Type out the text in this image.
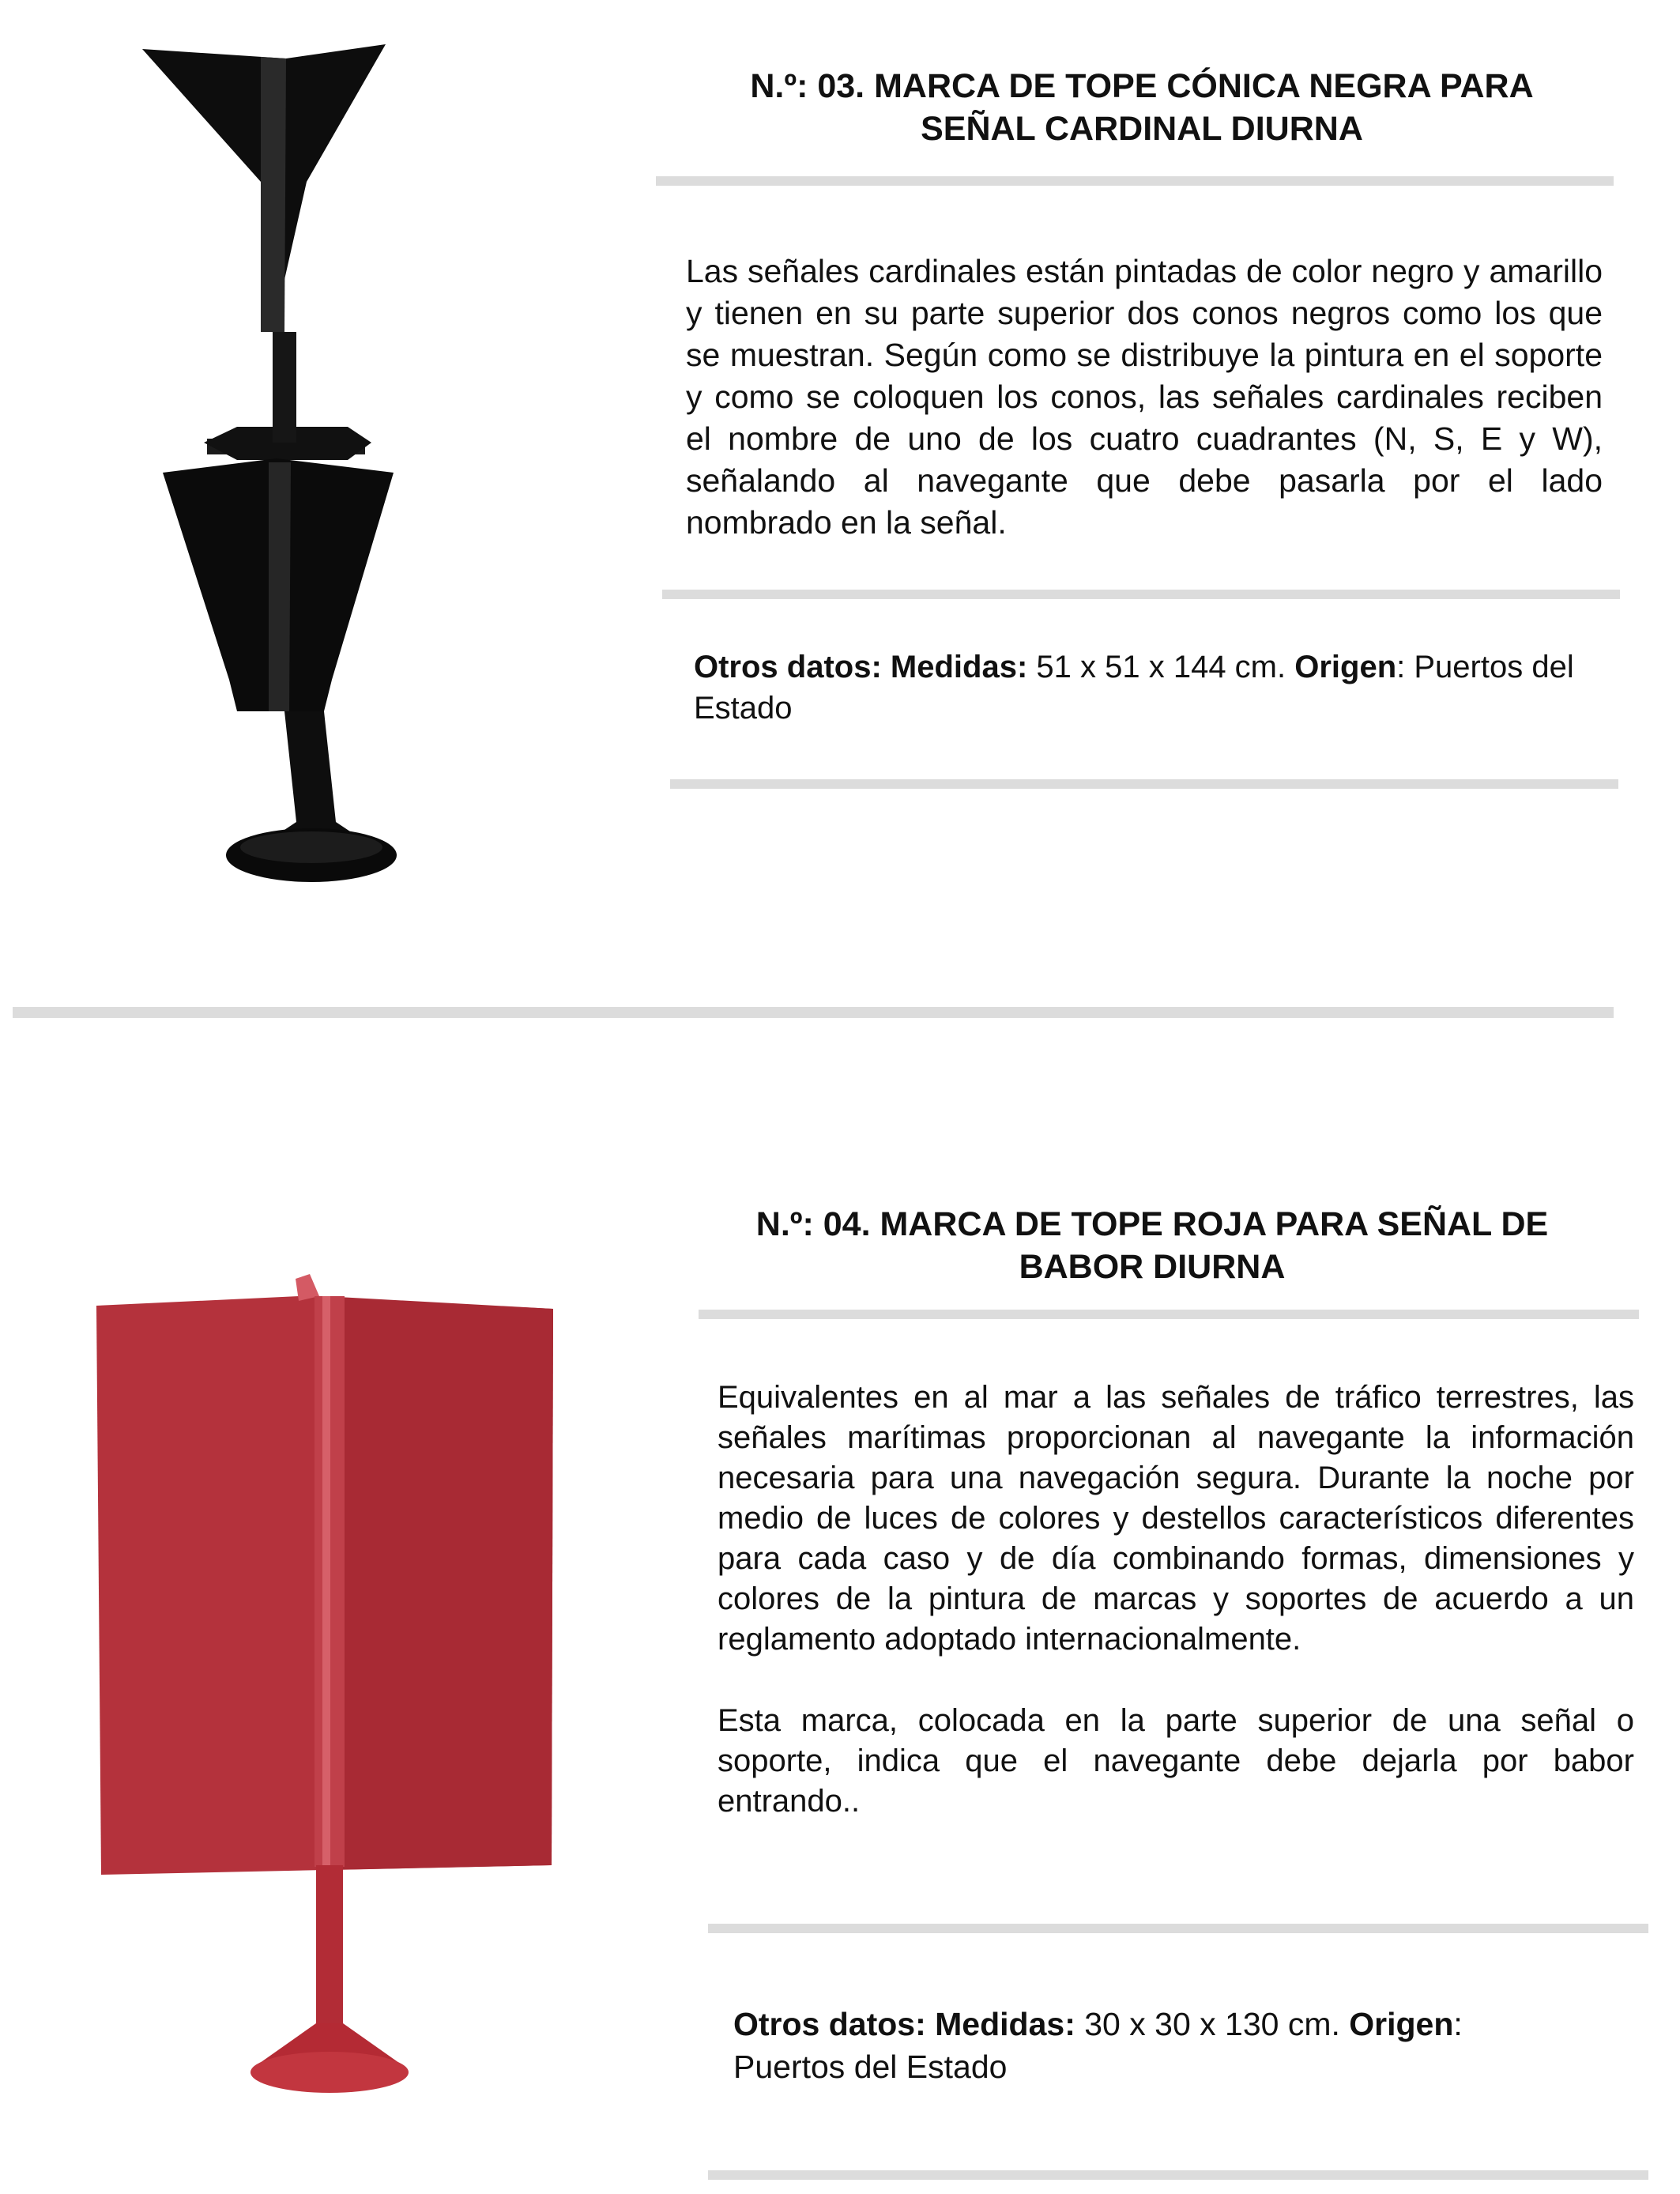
N.º: 03. MARCA DE TOPE CÓNICA NEGRA PARA
SEÑAL CARDINAL DIURNA

Las señales cardinales están pintadas de color negro y amarillo y tienen en su parte superior dos conos negros como los que se muestran. Según como se distribuye la pintura en el soporte y como se coloquen los conos, las señales cardinales reciben el nombre de uno de los cuatro cuadrantes (N, S, E y W), señalando al navegante que debe pasarla por el lado nombrado en la señal.

Otros datos: Medidas: 51 x 51 x 144 cm. Origen: Puertos del Estado
N.º: 04. MARCA DE TOPE ROJA PARA SEÑAL DE
BABOR DIURNA

Equivalentes en al mar a las señales de tráfico terrestres, las señales marítimas proporcionan al navegante la información necesaria para una navegación segura. Durante la noche por medio de luces de colores y destellos característicos diferentes para cada caso y de día combinando formas, dimensiones y colores de la pintura de marcas y soportes de acuerdo a un reglamento adoptado internacionalmente.

Esta marca, colocada en la parte superior de una señal o soporte, indica que el navegante debe dejarla por babor entrando..

Otros datos: Medidas: 30 x 30 x 130 cm. Origen:
Puertos del Estado
